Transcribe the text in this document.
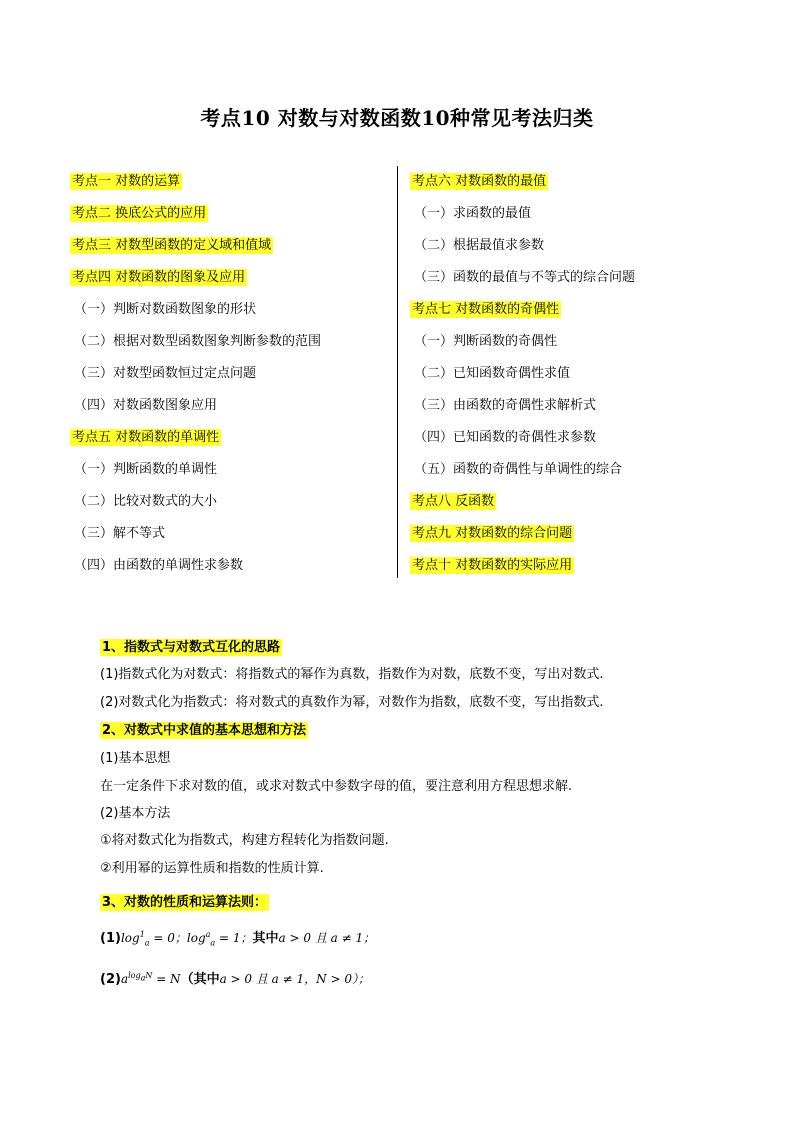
考点10 对数与对数函数10种常见考法归类
考点一 对数的运算
考点二 换底公式的应用
考点三 对数型函数的定义域和值域
考点四 对数函数的图象及应用
（一）判断对数函数图象的形状
（二）根据对数型函数图象判断参数的范围
（三）对数型函数恒过定点问题
（四）对数函数图象应用
考点五 对数函数的单调性
（一）判断函数的单调性
（二）比较对数式的大小
（三）解不等式
（四）由函数的单调性求参数
考点六 对数函数的最值
（一）求函数的最值
（二）根据最值求参数
（三）函数的最值与不等式的综合问题
考点七 对数函数的奇偶性
（一）判断函数的奇偶性
（二）已知函数奇偶性求值
（三）由函数的奇偶性求解析式
（四）已知函数的奇偶性求参数
（五）函数的奇偶性与单调性的综合
考点八 反函数
考点九 对数函数的综合问题
考点十 对数函数的实际应用
1、指数式与对数式互化的思路
(1)指数式化为对数式：将指数式的幂作为真数，指数作为对数，底数不变，写出对数式.
(2)对数式化为指数式：将对数式的真数作为幂，对数作为指数，底数不变，写出指数式.
2、对数式中求值的基本思想和方法
(1)基本思想
在一定条件下求对数的值，或求对数式中参数字母的值，要注意利用方程思想求解.
(2)基本方法
①将对数式化为指数式，构建方程转化为指数问题.
②利用幂的运算性质和指数的性质计算.
3、对数的性质和运算法则：
$(1)\log^1_a = 0$；$\log^a_a = 1$；其中a > 0 且 a ≠ 1；
$(2)a^{log_aN} = N$（其中a > 0 且 a ≠ 1，N > 0）；
